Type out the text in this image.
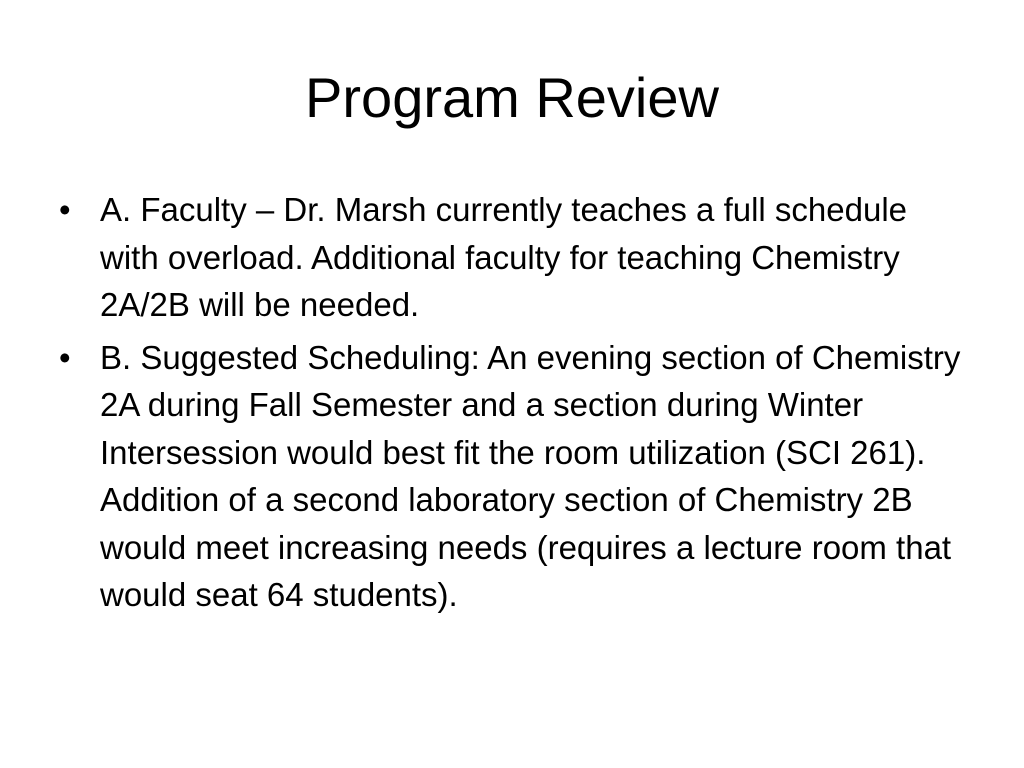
Program Review
• A. Faculty – Dr. Marsh currently teaches a full schedule with overload. Additional faculty for teaching Chemistry 2A/2B will be needed.
• B. Suggested Scheduling: An evening section of Chemistry 2A during Fall Semester and a section during Winter Intersession would best fit the room utilization (SCI 261). Addition of a second laboratory section of Chemistry 2B would meet increasing needs (requires a lecture room that would seat 64 students).
